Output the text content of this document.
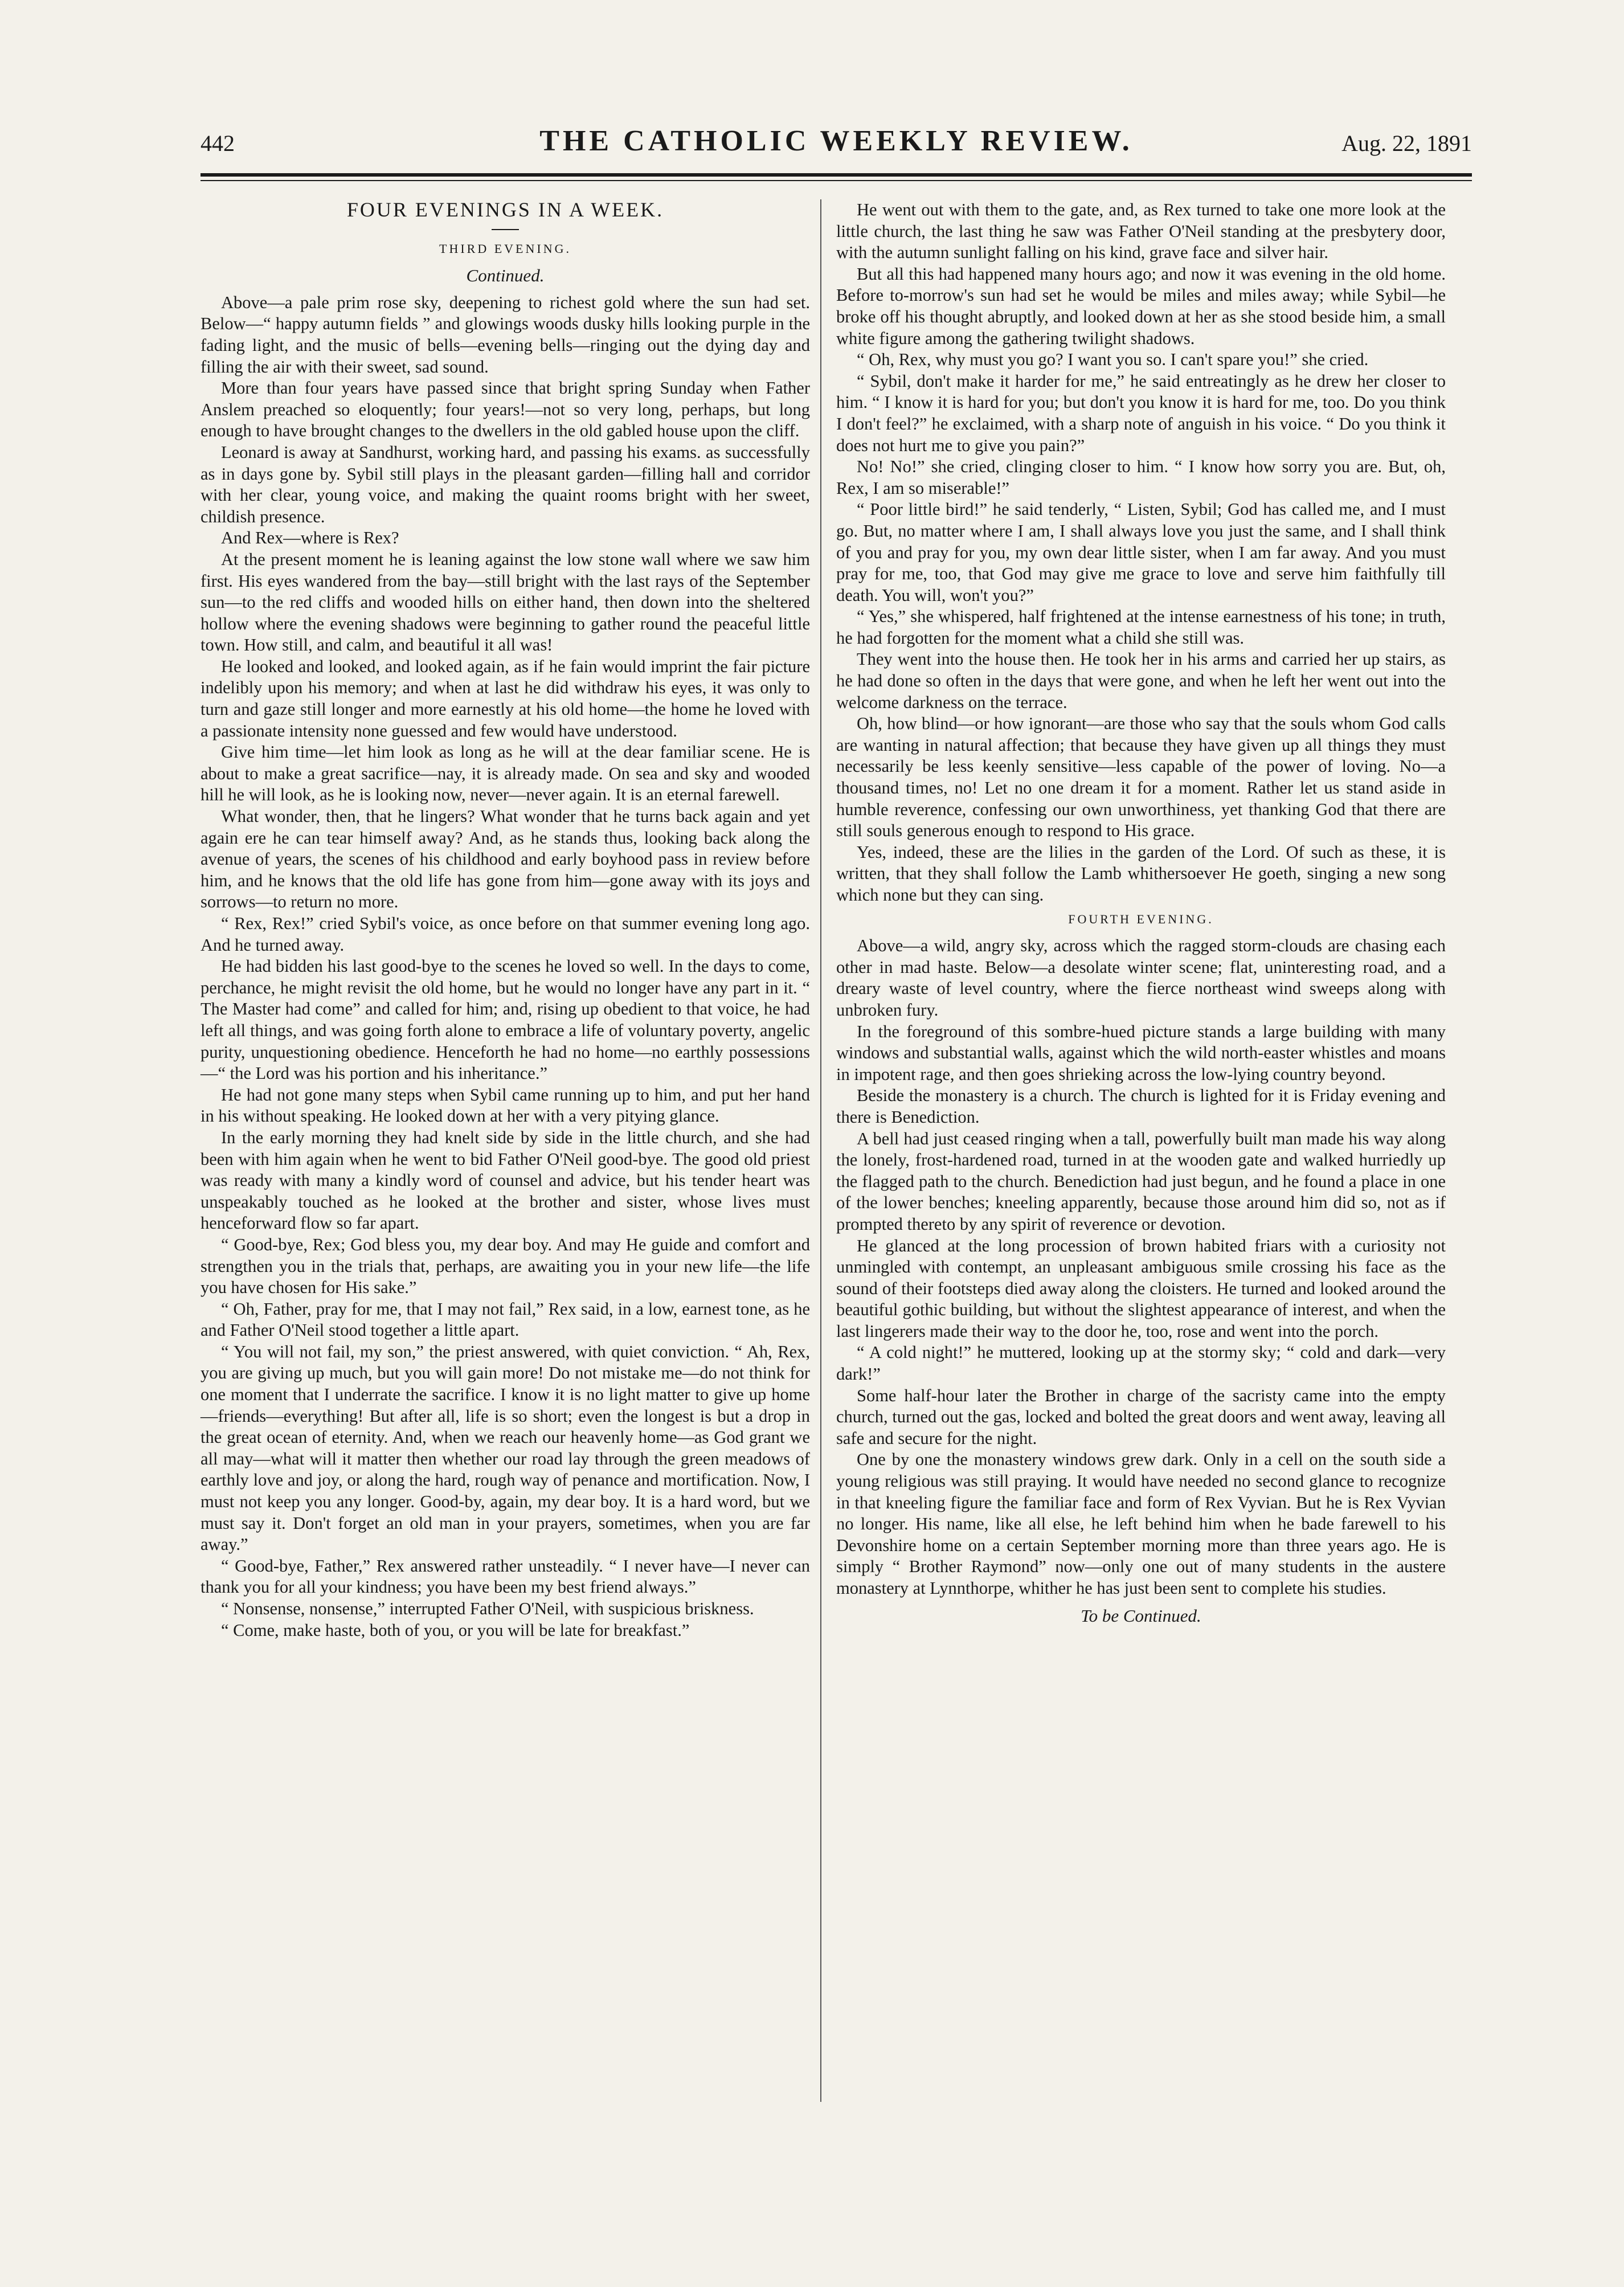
442	THE CATHOLIC WEEKLY REVIEW.	Aug. 22, 1891
FOUR EVENINGS IN A WEEK.
THIRD EVENING.
Continued.

Above—a pale prim rose sky, deepening to richest gold where the sun had set. Below—“ happy autumn fields ” and glowings woods dusky hills looking purple in the fading light, and the music of bells—evening bells—ringing out the dying day and filling the air with their sweet, sad sound.

More than four years have passed since that bright spring Sunday when Father Anslem preached so eloquently; four years!—not so very long, perhaps, but long enough to have brought changes to the dwellers in the old gabled house upon the cliff.

Leonard is away at Sandhurst, working hard, and passing his exams. as successfully as in days gone by. Sybil still plays in the pleasant garden—filling hall and corridor with her clear, young voice, and making the quaint rooms bright with her sweet, childish presence.

And Rex—where is Rex?

At the present moment he is leaning against the low stone wall where we saw him first. His eyes wandered from the bay—still bright with the last rays of the September sun—to the red cliffs and wooded hills on either hand, then down into the sheltered hollow where the evening shadows were beginning to gather round the peaceful little town. How still, and calm, and beautiful it all was!

He looked and looked, and looked again, as if he fain would imprint the fair picture indelibly upon his memory; and when at last he did withdraw his eyes, it was only to turn and gaze still longer and more earnestly at his old home—the home he loved with a passionate intensity none guessed and few would have understood.

Give him time—let him look as long as he will at the dear familiar scene. He is about to make a great sacrifice—nay, it is already made. On sea and sky and wooded hill he will look, as he is looking now, never—never again. It is an eternal farewell.

What wonder, then, that he lingers? What wonder that he turns back again and yet again ere he can tear himself away? And, as he stands thus, looking back along the avenue of years, the scenes of his childhood and early boyhood pass in review before him, and he knows that the old life has gone from him—gone away with its joys and sorrows—to return no more.

“ Rex, Rex!” cried Sybil's voice, as once before on that summer evening long ago. And he turned away.

He had bidden his last good-bye to the scenes he loved so well. In the days to come, perchance, he might revisit the old home, but he would no longer have any part in it. “ The Master had come” and called for him; and, rising up obedient to that voice, he had left all things, and was going forth alone to embrace a life of voluntary poverty, angelic purity, unquestioning obedience. Henceforth he had no home—no earthly possessions—“ the Lord was his portion and his inheritance.”

He had not gone many steps when Sybil came running up to him, and put her hand in his without speaking. He looked down at her with a very pitying glance.

In the early morning they had knelt side by side in the little church, and she had been with him again when he went to bid Father O'Neil good-bye. The good old priest was ready with many a kindly word of counsel and advice, but his tender heart was unspeakably touched as he looked at the brother and sister, whose lives must henceforward flow so far apart.

“ Good-bye, Rex; God bless you, my dear boy. And may He guide and comfort and strengthen you in the trials that, perhaps, are awaiting you in your new life—the life you have chosen for His sake.”

“ Oh, Father, pray for me, that I may not fail,” Rex said, in a low, earnest tone, as he and Father O'Neil stood together a little apart.

“ You will not fail, my son,” the priest answered, with quiet conviction. “ Ah, Rex, you are giving up much, but you will gain more! Do not mistake me—do not think for one moment that I underrate the sacrifice. I know it is no light matter to give up home—friends—everything! But after all, life is so short; even the longest is but a drop in the great ocean of eternity. And, when we reach our heavenly home—as God grant we all may—what will it matter then whether our road lay through the green meadows of earthly love and joy, or along the hard, rough way of penance and mortification. Now, I must not keep you any longer. Good-by, again, my dear boy. It is a hard word, but we must say it. Don't forget an old man in your prayers, sometimes, when you are far away.”

“ Good-bye, Father,” Rex answered rather unsteadily. “ I never have—I never can thank you for all your kindness; you have been my best friend always.”

“ Nonsense, nonsense,” interrupted Father O'Neil, with suspicious briskness.

“ Come, make haste, both of you, or you will be late for breakfast.”

He went out with them to the gate, and, as Rex turned to take one more look at the little church, the last thing he saw was Father O'Neil standing at the presbytery door, with the autumn sunlight falling on his kind, grave face and silver hair.

But all this had happened many hours ago; and now it was evening in the old home. Before to-morrow's sun had set he would be miles and miles away; while Sybil—he broke off his thought abruptly, and looked down at her as she stood beside him, a small white figure among the gathering twilight shadows.

“ Oh, Rex, why must you go? I want you so. I can't spare you!” she cried.

“ Sybil, don't make it harder for me,” he said entreatingly as he drew her closer to him. “ I know it is hard for you; but don't you know it is hard for me, too. Do you think I don't feel?” he exclaimed, with a sharp note of anguish in his voice. “ Do you think it does not hurt me to give you pain?”

No! No!” she cried, clinging closer to him. “ I know how sorry you are. But, oh, Rex, I am so miserable!”

“ Poor little bird!” he said tenderly, “ Listen, Sybil; God has called me, and I must go. But, no matter where I am, I shall always love you just the same, and I shall think of you and pray for you, my own dear little sister, when I am far away. And you must pray for me, too, that God may give me grace to love and serve him faithfully till death. You will, won't you?”

“ Yes,” she whispered, half frightened at the intense earnestness of his tone; in truth, he had forgotten for the moment what a child she still was.

They went into the house then. He took her in his arms and carried her up stairs, as he had done so often in the days that were gone, and when he left her went out into the welcome darkness on the terrace.

Oh, how blind—or how ignorant—are those who say that the souls whom God calls are wanting in natural affection; that because they have given up all things they must necessarily be less keenly sensitive—less capable of the power of loving. No—a thousand times, no! Let no one dream it for a moment. Rather let us stand aside in humble reverence, confessing our own unworthiness, yet thanking God that there are still souls generous enough to respond to His grace.

Yes, indeed, these are the lilies in the garden of the Lord. Of such as these, it is written, that they shall follow the Lamb whithersoever He goeth, singing a new song which none but they can sing.

FOURTH EVENING.

Above—a wild, angry sky, across which the ragged storm-clouds are chasing each other in mad haste. Below—a desolate winter scene; flat, uninteresting road, and a dreary waste of level country, where the fierce northeast wind sweeps along with unbroken fury.

In the foreground of this sombre-hued picture stands a large building with many windows and substantial walls, against which the wild north-easter whistles and moans in impotent rage, and then goes shrieking across the low-lying country beyond.

Beside the monastery is a church. The church is lighted for it is Friday evening and there is Benediction.

A bell had just ceased ringing when a tall, powerfully built man made his way along the lonely, frost-hardened road, turned in at the wooden gate and walked hurriedly up the flagged path to the church. Benediction had just begun, and he found a place in one of the lower benches; kneeling apparently, because those around him did so, not as if prompted thereto by any spirit of reverence or devotion.

He glanced at the long procession of brown habited friars with a curiosity not unmingled with contempt, an unpleasant ambiguous smile crossing his face as the sound of their footsteps died away along the cloisters. He turned and looked around the beautiful gothic building, but without the slightest appearance of interest, and when the last lingerers made their way to the door he, too, rose and went into the porch.

“ A cold night!” he muttered, looking up at the stormy sky; “ cold and dark—very dark!”

Some half-hour later the Brother in charge of the sacristy came into the empty church, turned out the gas, locked and bolted the great doors and went away, leaving all safe and secure for the night.

One by one the monastery windows grew dark. Only in a cell on the south side a young religious was still praying. It would have needed no second glance to recognize in that kneeling figure the familiar face and form of Rex Vyvian. But he is Rex Vyvian no longer. His name, like all else, he left behind him when he bade farewell to his Devonshire home on a certain September morning more than three years ago. He is simply “ Brother Raymond” now—only one out of many students in the austere monastery at Lynnthorpe, whither he has just been sent to complete his studies.

To be Continued.
